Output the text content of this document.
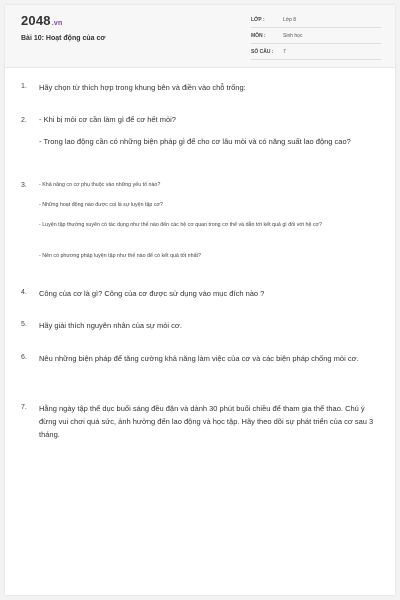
2048.vn
Bài 10: Hoạt động của cơ
LỚP :	Lớp 8
MÔN :	Sinh học
SỐ CÂU : 7
1. Hãy chọn từ thích hợp trong khung bên và điền vào chỗ trống:
2. - Khi bị mỏi cơ cần làm gì để cơ hết mỏi?
- Trong lao động cần có những biện pháp gì để cho cơ lâu mỏi và có năng suất lao động cao?
3. - Khả năng co cơ phụ thuộc vào những yếu tố nào?
- Những hoạt động nào được coi là sự luyện tập cơ?
- Luyện tập thường xuyên có tác dụng như thế nào đến các hệ cơ quan trong cơ thể và dẫn tới kết quả gì đối với hệ cơ?
- Nên có phương pháp luyện tập như thế nào để có kết quả tốt nhất?
4. Công của cơ là gì? Công của cơ được sử dụng vào mục đích nào ?
5. Hãy giải thích nguyên nhân của sự mỏi cơ.
6. Nêu những biện pháp để tăng cường khả năng làm việc của cơ và các biện pháp chống mỏi cơ.
7. Hằng ngày tập thể dục buổi sáng đều đặn và dành 30 phút buổi chiều để tham gia thể thao. Chú ý đừng vui chơi quá sức, ảnh hưởng đến lao động và học tập. Hãy theo dõi sự phát triển của cơ sau 3 tháng.
